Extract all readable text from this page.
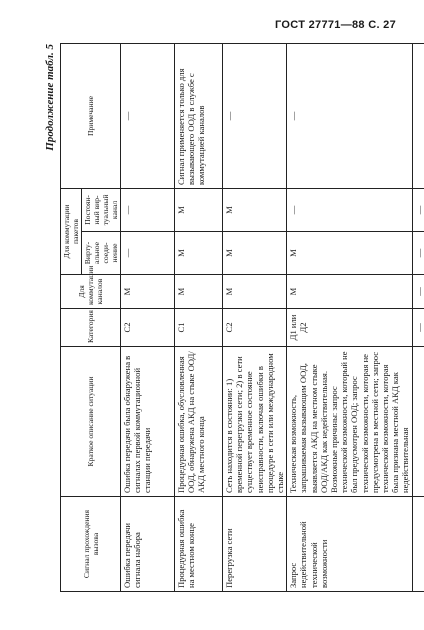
ГОСТ 27771—88 С. 27
Продолжение табл. 5
Сигнал прохождения вызова	Краткое описание ситуации	Категория	Для коммутации каналов	Для коммутации пакетов		Примечание
				Вирту- альное соеди- нение	Постоян- ный вир- туальный канал	
Ошибка передачи сигнала набора	Ошибка передачи была обнаружена в сигналах первой коммутационной станции передачи	С2	М	—	—	—
Процедурная ошибка на местном конце	Процедурная ошибка, обусловленная ООД, обнаружена АКД на стыке ООД/АКД местного конца	С1	М	М	М	Сигнал применяется только для вызывающего ООД в службе с коммутацией каналов
Перегрузка сети	Сеть находится в состоянии: 1) временной перегрузки сети; 2) в сети существует временное состояние неисправности, включая ошибки в процедуре в сети или международном стыке	С2	М	М	М	—
Запрос недействительной технической возможности	Техническая возможность, запрашиваемая вызывающим ООД, выявляется АКД на местном стыке ООД/АКД как недействительная. Возможные причины: запрос технической возможности, который не был предусмотрен ООД; запрос технической возможности, которая не предусмотрена в местной сети; запрос технической возможности, которая была признана местной АКД как недействительная	Д1 или Д2	М	М	—	—
		—	—	—	—	
